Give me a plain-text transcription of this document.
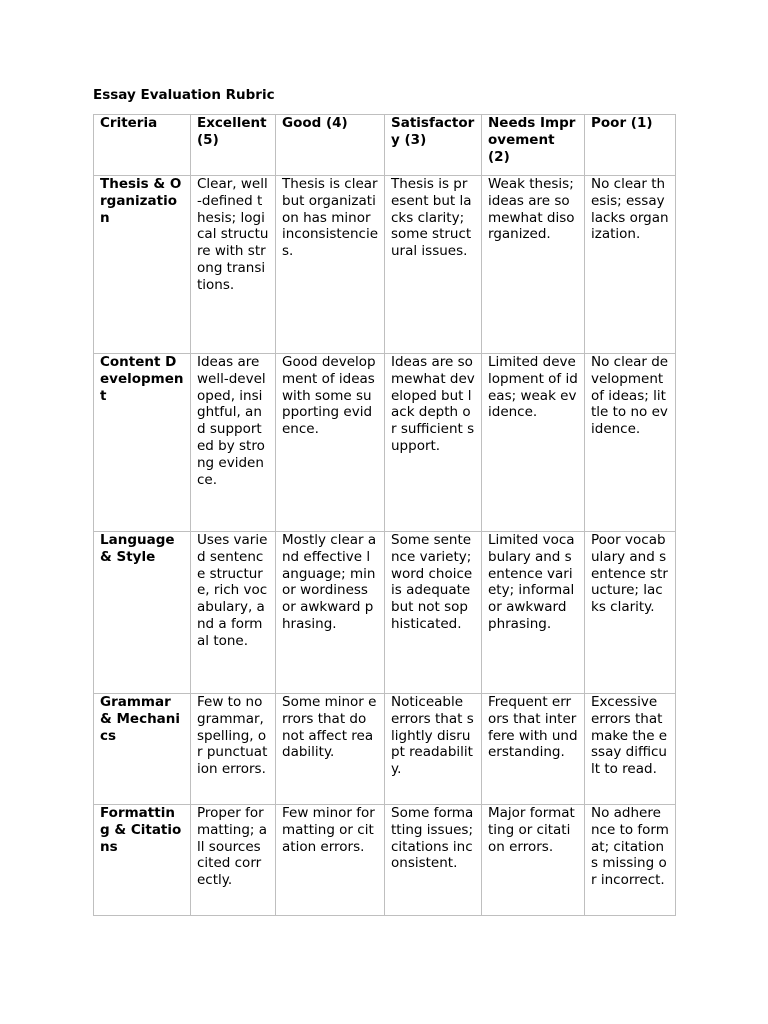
Essay Evaluation Rubric
Criteria	Excellent (5)	Good (4)	Satisfactory (3)	Needs Improvement (2)	Poor (1)

Thesis & Organization	Clear, well-defined thesis; logical structure with strong transitions.	Thesis is clear but organization has minor inconsistencies.	Thesis is present but lacks clarity; some structural issues.	Weak thesis; ideas are somewhat disorganized.	No clear thesis; essay lacks organization.

Content Development	Ideas are well-developed, insightful, and supported by strong evidence.	Good development of ideas with some supporting evidence.	Ideas are somewhat developed but lack depth or sufficient support.	Limited development of ideas; weak evidence.	No clear development of ideas; little to no evidence.

Language & Style	Uses varied sentence structure, rich vocabulary, and a formal tone.	Mostly clear and effective language; minor wordiness or awkward phrasing.	Some sentence variety; word choice is adequate but not sophisticated.	Limited vocabulary and sentence variety; informal or awkward phrasing.	Poor vocabulary and sentence structure; lacks clarity.

Grammar & Mechanics	Few to no grammar, spelling, or punctuation errors.	Some minor errors that do not affect readability.	Noticeable errors that slightly disrupt readability.	Frequent errors that interfere with understanding.	Excessive errors that make the essay difficult to read.

Formatting & Citations	Proper formatting; all sources cited correctly.	Few minor formatting or citation errors.	Some formatting issues; citations inconsistent.	Major formatting or citation errors.	No adherence to format; citations missing or incorrect.
